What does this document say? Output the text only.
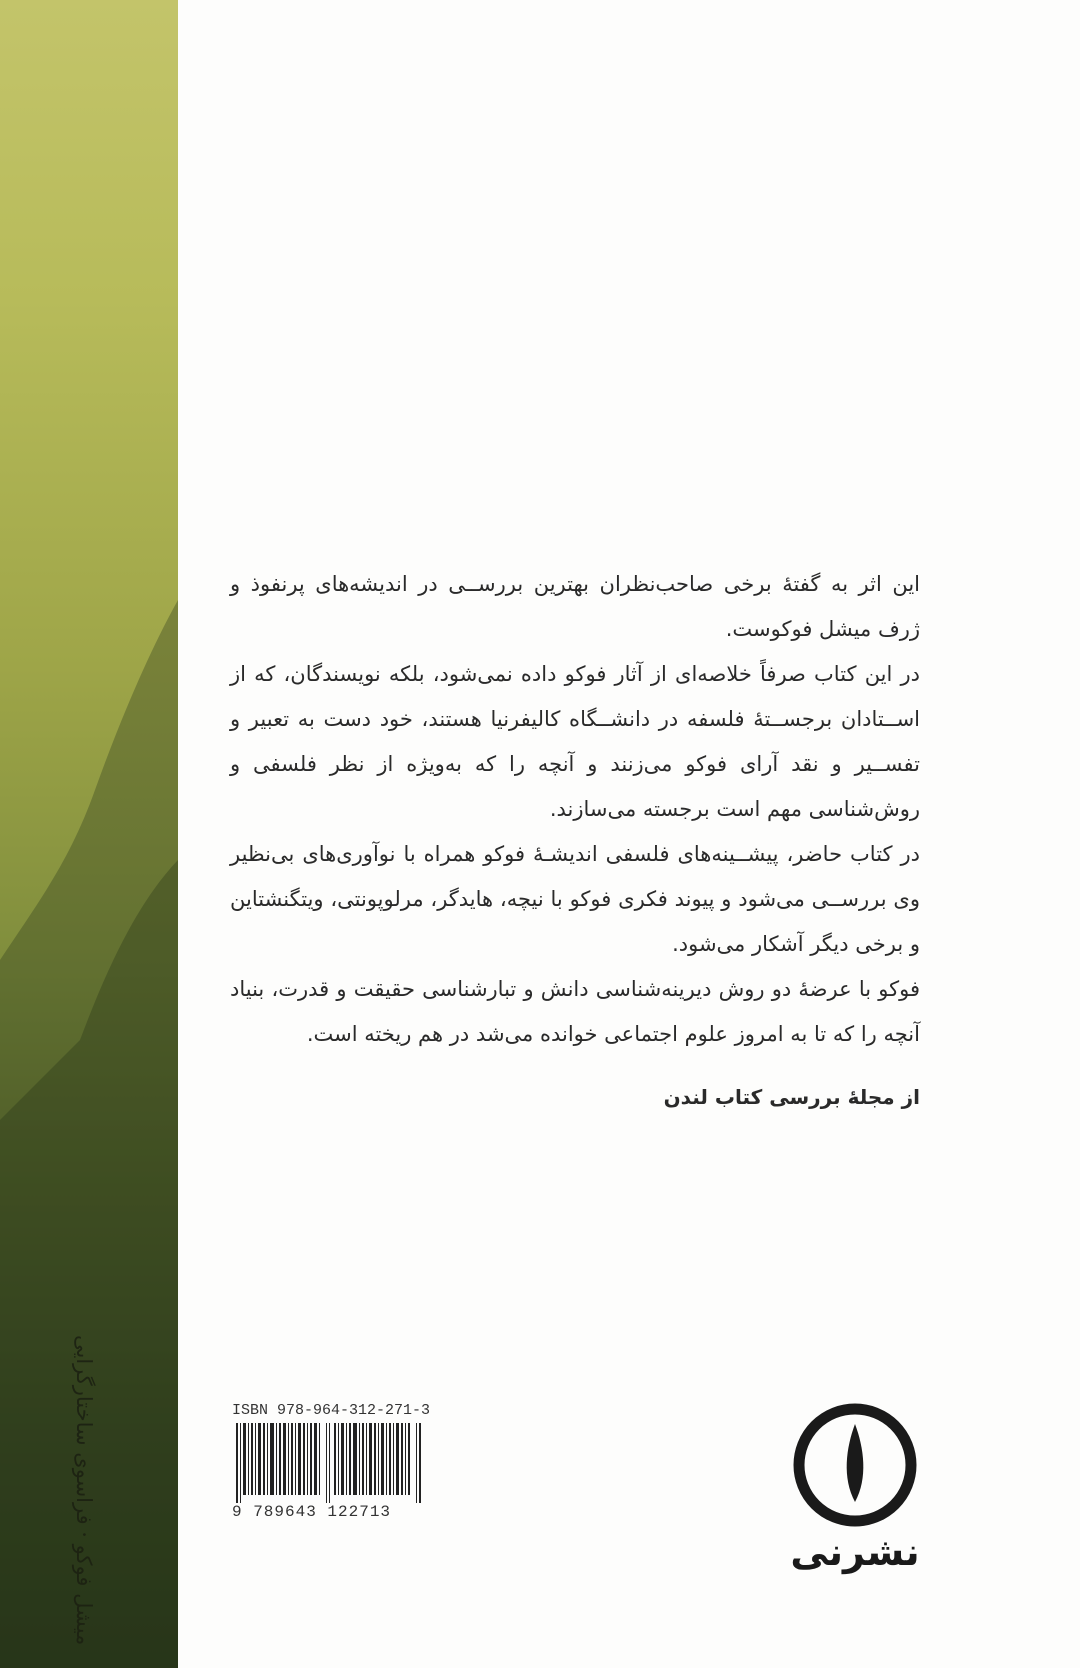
ﻣﯿﺸﻞ ﻓﻮﮐﻮ · ﻓﺮﺍﺳﻮﯼ ﺳﺎﺧﺘﺎﺭﮔﺮﺍﯾﯽ

این اثر به گفتهٔ برخی صاحب‌نظران بهترین بررســی در اندیشه‌های پرنفوذ و ژرف میشل فوکوست.

در این کتاب صرفاً خلاصه‌ای از آثار فوکو داده نمی‌شود، بلکه نویسندگان، که از اســتادان برجســتهٔ فلسفه در دانشــگاه کالیفرنیا هستند، خود دست به تعبیر و تفســیر و نقد آرای فوکو می‌زنند و آنچه را که به‌ویژه از نظر فلسفی و روش‌شناسی مهم است برجسته می‌سازند.

در کتاب حاضر، پیشــینه‌های فلسفی اندیشـهٔ فوکو همراه با نوآوری‌های بی‌نظیر وی بررســی می‌شود و پیوند فکری فوکو با نیچه، هایدگر، مرلوپونتی، ویتگنشتاین و برخی دیگر آشکار می‌شود.

فوکو با عرضهٔ دو روش دیرینه‌شناسی دانش و تبارشناسی حقیقت و قدرت، بنیاد آنچه را که تا به امروز علوم اجتماعی خوانده می‌شد در هم ریخته است.

از مجلهٔ بررسی کتاب لندن

ISBN 978-964-312-271-3
9 789643 122713
نشرنی
